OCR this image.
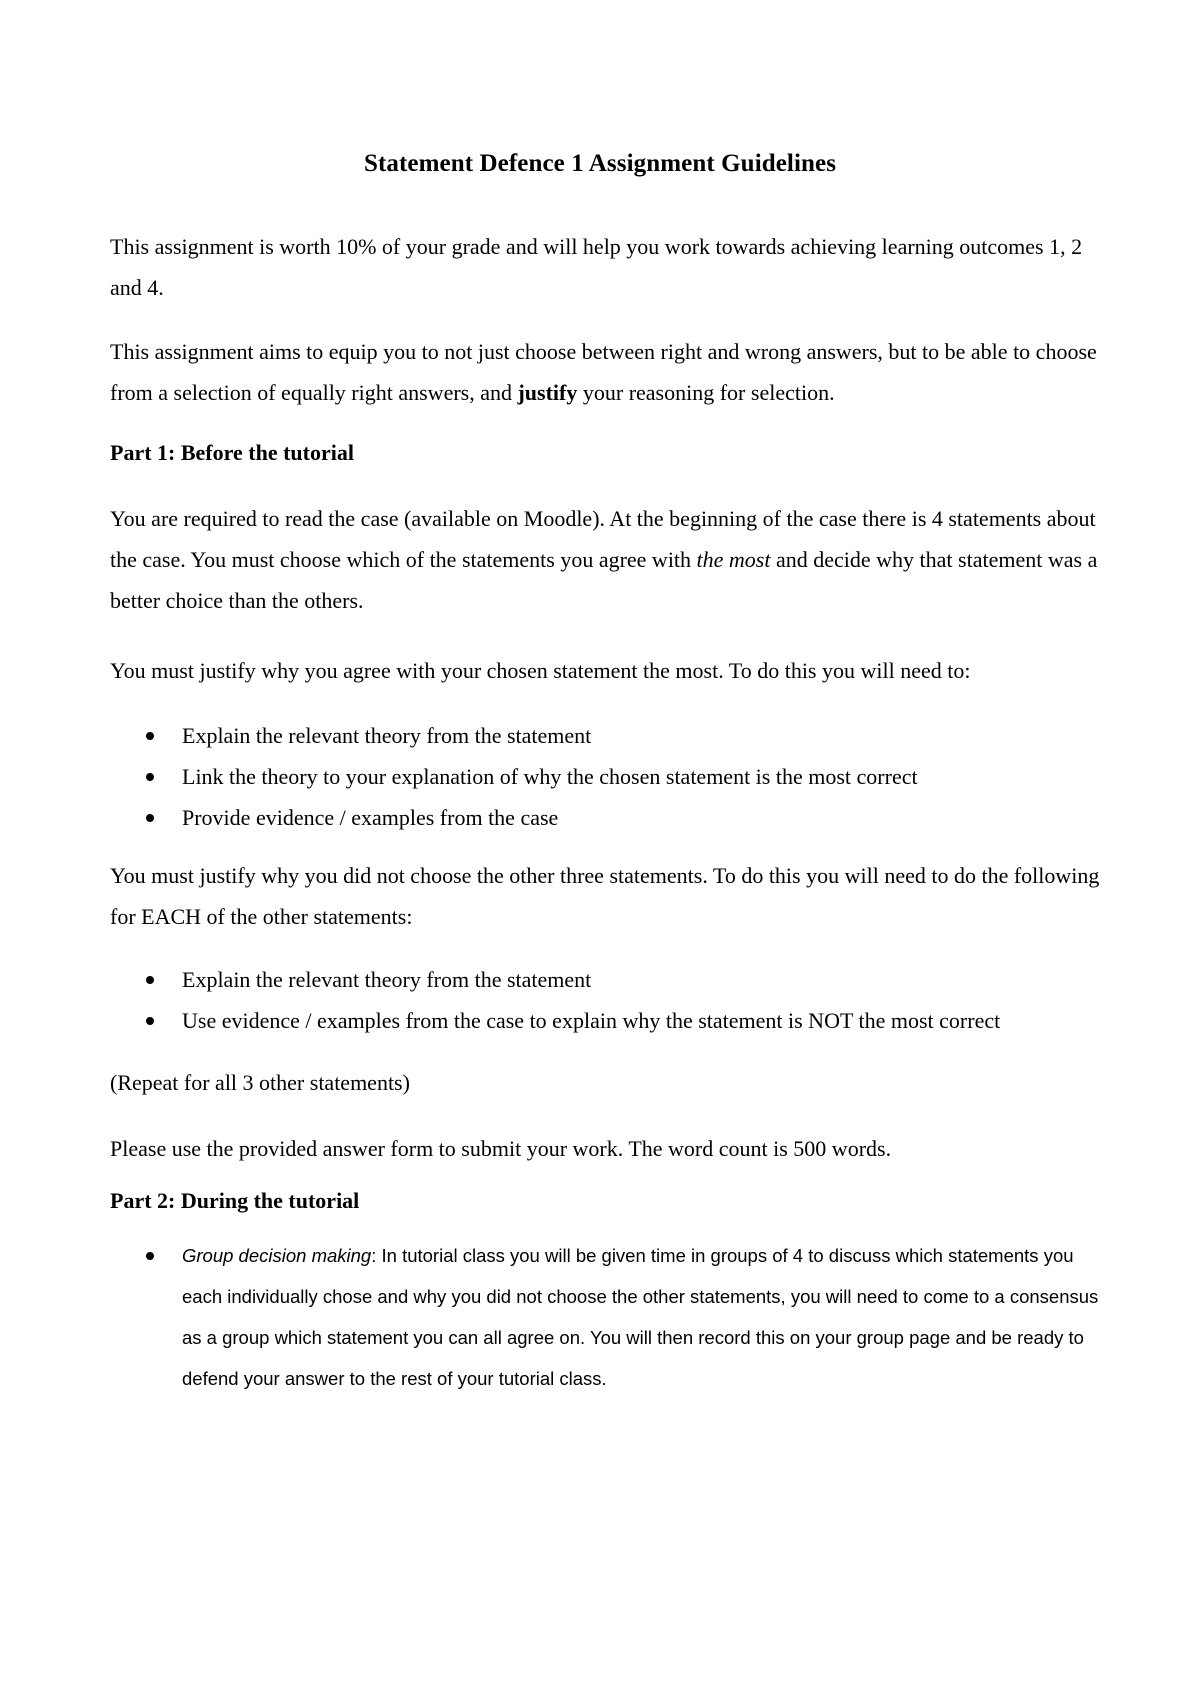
Statement Defence 1 Assignment Guidelines

This assignment is worth 10% of your grade and will help you work towards achieving learning outcomes 1, 2 and 4.

This assignment aims to equip you to not just choose between right and wrong answers, but to be able to choose from a selection of equally right answers, and justify your reasoning for selection.

Part 1: Before the tutorial

You are required to read the case (available on Moodle). At the beginning of the case there is 4 statements about the case. You must choose which of the statements you agree with the most and decide why that statement was a better choice than the others.

You must justify why you agree with your chosen statement the most. To do this you will need to:

Explain the relevant theory from the statement
Link the theory to your explanation of why the chosen statement is the most correct
Provide evidence / examples from the case

You must justify why you did not choose the other three statements. To do this you will need to do the following for EACH of the other statements:

Explain the relevant theory from the statement
Use evidence / examples from the case to explain why the statement is NOT the most correct

(Repeat for all 3 other statements)

Please use the provided answer form to submit your work. The word count is 500 words.

Part 2: During the tutorial

Group decision making: In tutorial class you will be given time in groups of 4 to discuss which statements you each individually chose and why you did not choose the other statements, you will need to come to a consensus as a group which statement you can all agree on. You will then record this on your group page and be ready to defend your answer to the rest of your tutorial class.
